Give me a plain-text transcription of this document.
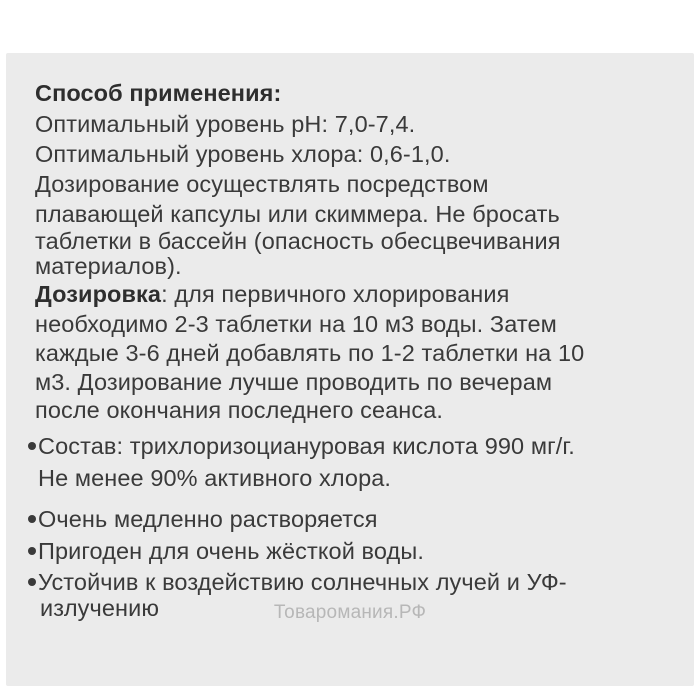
Способ применения:
Оптимальный уровень pH: 7,0-7,4.
Оптимальный уровень хлора: 0,6-1,0.
Дозирование осуществлять посредством
плавающей капсулы или скиммера. Не бросать
таблетки в бассейн (опасность обесцвечивания
материалов).
Дозировка: для первичного хлорирования
необходимо 2-3 таблетки на 10 м3 воды. Затем
каждые 3-6 дней добавлять по 1-2 таблетки на 10
м3. Дозирование лучше проводить по вечерам
после окончания последнего сеанса.
Состав: трихлоризоциануровая кислота 990 мг/г.
Не менее 90% активного хлора.
Очень медленно растворяется
Пригоден для очень жёсткой воды.
Устойчив к воздействию солнечных лучей и УФ-
излучению	Товаромания.РФ
